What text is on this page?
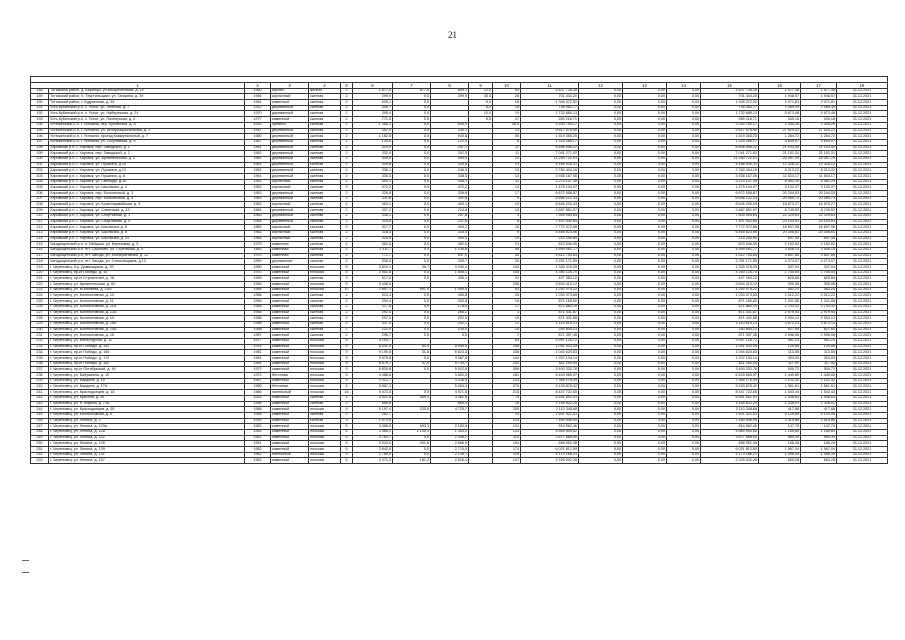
21

1		2	3	4	5	6	7	8	9	10	11	12	13	14	15	16	17	18
188	Тогъмский район, д. Варинцы, ул.Воскресенская, д. 19	1960	кирпич.	железо	3	1 877,0	877,9	899,1	12,0	94	4 637 736,35	0,00	0,00	0,00	4 637 736,35	2 577,38	2 577,38	31.12.2021
189	Тотъмский район, п. Текстильщики, ул. Гагарина, д. 39	1984	кирпичный	скатная	2	399,9	0,0	399,9	35,0	28	701 434,20	0,00	0,00	0,00	701 434,20	1 948,97	1 948,97	31.12.2021
190	Тотъмский район, г. Кудринская, д. 46	1981	каменный	скатная	2	628,1	0,0		6,0	18	1 305 372,92	0,00	0,00	0,00	1 305 372,92	2 071,81	2 071,81	31.12.2021
191	Усть-Кубинский р-н, с. Устье, ул. Зеленая, д. 7	1912	деревянный	скатная	2	355,7	0,0		6,0	18	736 083,77	0,00	0,00	0,00	736 083,77	2 069,39	2 069,39	31.12.2021
192	Усть-Кубинский р-н, с. Устье, ул. Набережная, д. 24	1970	деревянный	скатная	2	305,4	0,0		10,0	19	1 732 685,13	0,00	0,00	0,00	1 732 685,13	5 673,48	5 673,48	31.12.2021
193	Усть-Кубинский р-н, с. Устье, ул. Пионерская, д. 6	1977	каменный	скатная	2	771,0	0,0		6,0	37	269 218,71	0,00	0,00	0,00	269 218,71	349,18	349,18	31.12.2021
194	Устюженский р-н, г. Устюжна, пер. Кузнечный, д. 8	1932	брёвенч.	скатная	2	1 366,1	0,0	839,9		38,0	3 250 759,17	0,00	0,00	0,00	3 250 759,17	2 345,26	2 345,26	31.12.2021
195	Устюженский р-н, г. Устюжна, ул. Интернациональная, д. 1	1957	деревянный	скатная	2	357,0	0,0	330,1		13	9 617 576,96	0,00	0,00	0,00	9 617 576,96	27 520,21	27 520,21	31.12.2021
196	Устюженский р-н, г. Устюжна, проезд Коммунальный, д. 7	1980	деревянный	скатная	2	1 182,8	0,0	940,8		50	1 519 365,25	0,00	0,00	0,00	1 519 365,25	1 284,72	1 284,72	31.12.2021
197	Устюженский р-н, г. Устюжна, ул. Спортивная, д. 8	1967	деревянный	скатная	1	134,6	0,0	122,5		8	1 325 286,17	0,00	0,00	0,00	1 325 286,17	9 845,07	9 845,07	31.12.2021
198	Харовский р-н, г. Харовск, пер. Заводской, д. 1	1961	деревянный	скатная	2	329,0	0,0	247,1		22	6 896 056,22	0,00	0,00	0,00	6 896 056,22	21 033,40	21 033,40	31.12.2021
199	Харовский р-н, г. Харовск, пер. Заводской, д. 3	1962	деревянный	скатная	2	332,9	0,0	292,5		11	7 041 271,92	0,00	0,00	0,00	7 041 271,92	21 151,31	21 151,31	31.12.2021
200	Харовский р-н, г. Харовск, ул. Архангельская, д. 2	1961	деревянный	скатная	2	449,0	0,0	449,0		15	11 250 722,01	0,00	0,00	0,00	11 250 722,01	25 057,29	25 057,29	31.12.2021
201	Харовский р-н, г. Харовск, ул. Пушкина, д.10	1961	деревянный	скатная	2	339,8	0,0	339,8		13	4 186 930,31	0,00	0,00	0,00	4 186 930,31	12 328,12	12 328,12	31.12.2021
202	Харовский р-н, г. Харовск, ул. Пушкина, д.12	1961	деревянный	скатная	2	336,1	0,0	246,9		15	2 760 404,16	0,00	0,00	0,00	2 760 404,16	8 213,22	8 213,22	31.12.2021
203	Харовский р-н, г. Харовск, ул. Пушкина, д. 8	1961	деревянный	скатная	2	338,5	0,0	338,5		13	3 938 167,06	0,00	0,00	0,00	3 938 167,06	11 634,17	11 634,17	31.12.2021
204	Харовский р-н, г. Харовск, ул. Свободы, д.16	1963	кирпичный	скатная	2	405,1	0,0	405,1		11	3 274 137,30	0,00	0,00	0,00	3 274 137,30	8 082,29	8 082,29	31.12.2021
205	Харовский р-н, г. Харовск, ул. Школьная, д. 4	1962	кирпичный	скатная	2	472,2	0,0	472,2		14	1 479 104,07	0,00	0,00	0,00	1 479 104,07	3 132,37	3 132,37	31.12.2021
206	Харовский р-н, г. Харовск, пер. Больничный, д. 3	1963	деревянный	скатная	2	326,8	0,0	326,8		17	6 672 558,87	0,00	0,00	0,00	6 672 558,87	20 244,53	20 244,53	31.12.2021
207	Харовский р-н, г. Харовск, пер. Больничный, д. 5	1963	деревянный	скатная	2	331,8	0,0	331,8		9	6 656 122,33	0,00	0,00	0,00	6 656 122,33	20 060,73	20 060,73	31.12.2021
208	Харовский р-н, г. Харовск, ул. Красноармейская, д. 9	1963	кирпичный	скатная	2	463,1	0,0	463,1		19	8 646 200,43	0,00	0,00	0,00	8 646 200,43	18 670,27	18 670,27	31.12.2021
209	Харовский р-н, г. Харовск, ул. Советская, д. 13	1964	деревянный	скатная	2	307,2	0,0	224,8		15	2 687 851,97	0,00	0,00	0,00	2 687 851,97	8 749,52	8 749,52	31.12.2021
210	Харовский р-н, г. Харовск, ул. Спортивная, д. 1	1963	деревянный	скатная	2	336,1	0,0	257,8		4	7 505 054,84	0,00	0,00	0,00	7 505 054,84	22 329,83	22 329,83	31.12.2021
211	Харовский р-н, г. Харовск, ул. Спортивная, д. 9	1964	деревянный	скатная	2	324,5	0,0	237,8		8	7 497 542,84	0,00	0,00	0,00	7 497 542,84	23 104,91	23 104,91	31.12.2021
212	Харовский р-н, г. Харовск, ул. Школьная, д. 6	1963	кирпичный	скатная	2	417,7	0,0	404,2		16	7 772 372,86	0,00	0,00	0,00	7 772 372,86	18 607,56	18 607,56	31.12.2021
213	Харовский р-н, г. Харовск, ул. Школьная, д. 8	1963	кирпичный	скатная	2	318,4	0,0	318,4		9	6 465 623,56	0,00	0,00	0,00	6 465 623,56	20 306,61	20 306,61	31.12.2021
214	Харовский р-н, г. Харовск, ул. Школьная, д. 14	1964	кирпичный	скатная	2	325,9	0,0	494,4		19	214 245,84	0,00	0,00	0,00	214 245,84	657,40	657,40	31.12.2021
215	Чагодощенский р-н, п. Избушки, ул. Березовая, д. 5	1975	каменная	скатная	2	382,6	0,0	382,6		21	823 646,05	0,00	0,00	0,00	823 646,05	2 152,82	2 152,82	31.12.2021
216	Чагодощенский р-н, пгт. Сазоново, ул. Стрельная, д. 4	1963	каменная	скатная	2	1 311,7	0,0	1 235,8		48	4 599 061,77	0,00	0,00	0,00	4 599 061,77	3 506,14	3 506,14	31.12.2021
217	Чагодощенский р-н, пгт. Чагода, ул. Кооперативная, д. 12	1970	каменная	скатная	2	771,7	0,0	647,0		40	4 512 793,83	0,00	0,00	0,00	4 512 793,83	5 847,85	5 847,85	31.12.2021
218	Чагодощенский р-н, пгт. Чагода, ул. Стекольщиков, д.13	1959	деревянная	скатная	2	536,0	0,0	335,7		26	2 291 171,59	0,00	0,00	0,00	2 291 171,59	4 274,57	4 274,57	31.12.2021
219	г. Череповец, б-р. Доменщиков, д. 39	1959	каменный	плоская	5	3 819,1	36,7	3 040,4		143	1 325 376,05	0,00	0,00	0,00	1 325 376,05	347,04	347,04	31.12.2021
220	г. Череповец, пр-кт Победы, д. 15	1970	каменный	плоская	5	2 551,6	0,0	1 808,1		105	4 350 134,70	0,00	0,00	0,00	4 350 134,70	1 705,00	1 705,00	31.12.2021
221	г. Череповец, пр-кт Строителей, д. 18	1959	каменный	скатная	3	517,6	0,0	405,1		22	427 363,12	0,00	0,00	0,00	427 363,12	825,66	825,66	31.12.2021
222	г. Череповец, ул. Архангельская, д. 60	1984	каменный	плоская	9	9 436,5				296	3 694 410,12	0,00	0,00	0,00	3 694 410,12	390,98	390,98	31.12.2021
223	г. Череповец, ул. М.Беляева, д. 24/2	1984	каменный	плоская	10	2 897,1	691,4	1 559,4		63	1 292 075,22	0,00	0,00	0,00	1 292 075,22	482,24	482,24	31.12.2021
224	г. Череповец, ул. Коллективная, д. 10	1956	каменный	скатная	2	513,4	0,0	455,8		26	1 033 073,65	0,00	0,00	0,00	1 033 073,65	2 012,22	2 012,22	31.12.2021
225	г. Череповец, ул. Коллективная, д. 11	1956	каменный	скатная	2	294,4	0,0	263,8		16	871 169,60	0,00	0,00	0,00	871 169,60	1 041,86	1 041,86	31.12.2021
226	г. Череповец, ул. Коллективная, д. 11А	1956	каменный	скатная	2	317,8	0,0	178,8		17	871 860,19	0,00	0,00	0,00	871 860,19	2 743,42	2 743,42	31.12.2021
227	г. Череповец, ул. Коллективная, д. 13А	1958	каменный	скатная	2	292,4	0,0	266,2		3	871 331,67	0,00	0,00	0,00	871 331,67	2 979,93	2 979,93	31.12.2021
228	г. Череповец, ул. Коллективная, д. 13	1956	каменный	скатная	2	297,0	0,0	232,9		15	871 432,68	0,00	0,00	0,00	871 432,68	2 934,12	2 934,12	31.12.2021
229	г. Череповец, ул. Коллективная, д. 16А	1958	каменный	скатная	2	337,5	0,0	242,1		12	1 110 619,13	0,00	0,00	0,00	1 110 619,13	3 672,13	3 672,13	31.12.2021
230	г. Череповец, ул. Коллективная, д. 15А	1958	каменный	скатная	2	221,0	0,0	230,0		15	240 844,13	0,00	0,00	0,00	240 844,13	827,64	827,64	31.12.2021
231	г. Череповец, ул. Коллективная, д. 15	1957	каменный	скатная	2	296,7	0,0	0,0		7	871 397,45	0,00	0,00	0,00	871 397,45	2 936,96	2 936,96	31.12.2021
232	г. Череповец, ул. Металлургов, д. 11	1977	каменный	плоская	5	4 294,7				84	3 997 126,72	0,00	0,00	0,00	3 997 126,72	961,23	961,23	31.12.2021
233	г. Череповец, пр-кт Победы, д. 142	1978	каменный	плоская	9	6 041,9	64,4	5 955,9		258	1 041 933,35	0,00	0,00	0,00	1 041 933,35	129,56	129,56	31.12.2021
234	г. Череповец, пр-кт Победы, д. 165	1981	каменный	плоская	9	9 199,8	31,8	6 623,3		336	1 044 620,83	0,00	0,00	0,00	1 044 620,83	113,55	113,55	31.12.2021
235	г. Череповец, пр-кт Победы, д. 172	1981	каменный	плоская	5	3 976,8	0,0	3 067,8		144	1 207 134,14	0,00	0,00	0,00	1 207 134,14	304,00	304,00	31.12.2021
236	г. Череповец, пр-кт Победы, д. 162	1981	каменный	плоская	9	6 879,7	47,6	5 734,7		242	811 250,05	0,00	0,00	0,00	811 250,05	117,92	117,92	31.12.2021
237	г. Череповец, пр-кт Октябрьский, д. 49	1972	каменный	плоская	9	6 830,8	0,0	5 012,8		359	3 400 332,76	0,00	0,00	0,00	3 400 332,76	500,72	500,72	31.12.2021
238	г. Череповец, ул. Бабушкина, д. 10	1972	бетонная	плоская	5	4 488,8		3 802,4		181	6 449 565,97	0,00	0,00	0,00	6 449 565,97	1 449,80	1 449,80	31.12.2021
239	г. Череповец, ул. Бардина, д. 15	1967	каменный	плоская	5	3 312,7		3 236,4		124	7 365 176,39	0,00	0,00	0,00	7 365 176,39	2 102,42	2 102,42	31.12.2021
240	г. Череповец, ул. Бардина, д. 17А	1989	бетонная	плоская	5	5 887,3		5 254,3		270	9 193 878,42	0,00	0,00	0,00	9 193 878,42	1 561,61	1 561,61	31.12.2021
241	г. Череповец, ул. Краснодонцев, д. 18	1986	панельный	плоская	16	5 473,3	0,0	4 971,8		215	8 447 722,65	0,00	0,00	0,00	8 447 722,65	1 543,44	1 543,44	31.12.2021
242	г. Череповец, ул. Красная, д. 20	2003	каменный	скатная	4	4 521,8	459,2	3 462,8		75	6 551 651,01	0,00	0,00	0,00	6 551 651,01	1 448,63	1 448,63	31.12.2021
243	г. Череповец, ул. К. Маркса, д. 72А	1956	каменный	скатная	2	866,8		665,4		18	1 155 622,29	0,00	0,00	0,00	1 155 622,29	1 336,01	1 336,01	31.12.2021
244	г. Череповец, ул. Краснодонцев, д. 55	1986	каменный	плоская	9	5 197,4	233,5	4 725,7		200	2 110 348,68	0,00	0,00	0,00	2 110 348,68	417,88	417,88	31.12.2021
245	г. Череповец, ул. Коллективная, д. 4	1956	каменный	скатная	2	282,7				10	1 501 421,51	0,00	0,00	0,00	1 501 421,51	5 129,55	5 129,55	31.12.2021
246	г. Череповец, ул. Ленина, д. 2	1949	каменный	скатная	3	1 074,8				125	7 160 446,95	0,00	0,00	0,00	7 160 446,95	2 510,88	2 510,88	31.12.2021
247	г. Череповец, ул. Ленина, д. 123а	1982	каменный	плоская	5	3 486,5	693,3	2 183,9		131	514 962,46	0,00	0,00	0,00	514 962,46	147,70	147,70	31.12.2021
248	г. Череповец, ул. Ленина, д. 128	1963	каменный	плоская	5	3 986,2	1 105,3	1 353,2		133	4 664 540,62	0,00	0,00	0,00	4 664 540,62	1 165,80	1 165,80	31.12.2021
249	г. Череповец, ул. Ленина, д. 132	1961	каменный	плоская	5	3 763,7	0,0	2 356,2		113	3 677 666,00	0,00	0,00	0,00	3 677 666,00	969,39	969,39	31.12.2021
250	г. Череповец, ул. Ленина, д. 135	1961	каменный	плоская	5	3 533,0	201,6	2 666,0		194	658 952,38	0,00	0,00	0,00	658 952,38	186,28	186,28	31.12.2021
251	г. Череповец, ул. Ленина, д. 139	1962	каменный	плоская	5	3 842,8	0,0	2 715,5		174	6 021 812,59	0,00	0,00	0,00	6 021 812,59	1 567,04	1 567,04	31.12.2021
252	г. Череповец, ул. Ленина, д. 141	1962	панельный	плоская	5	2 789,0	0,0	2 136,7		129	4 173 186,21	0,00	0,00	0,00	4 173 186,21	1 496,30	1 496,30	31.12.2021
253	г. Череповец, ул. Ленина, д. 157	1963	каменный	плоская	5	3 371,2	181,2	2 616,4		147	2 225 032,26	0,00	0,00	0,00	2 225 032,26	660,28	660,28	31.12.2021
